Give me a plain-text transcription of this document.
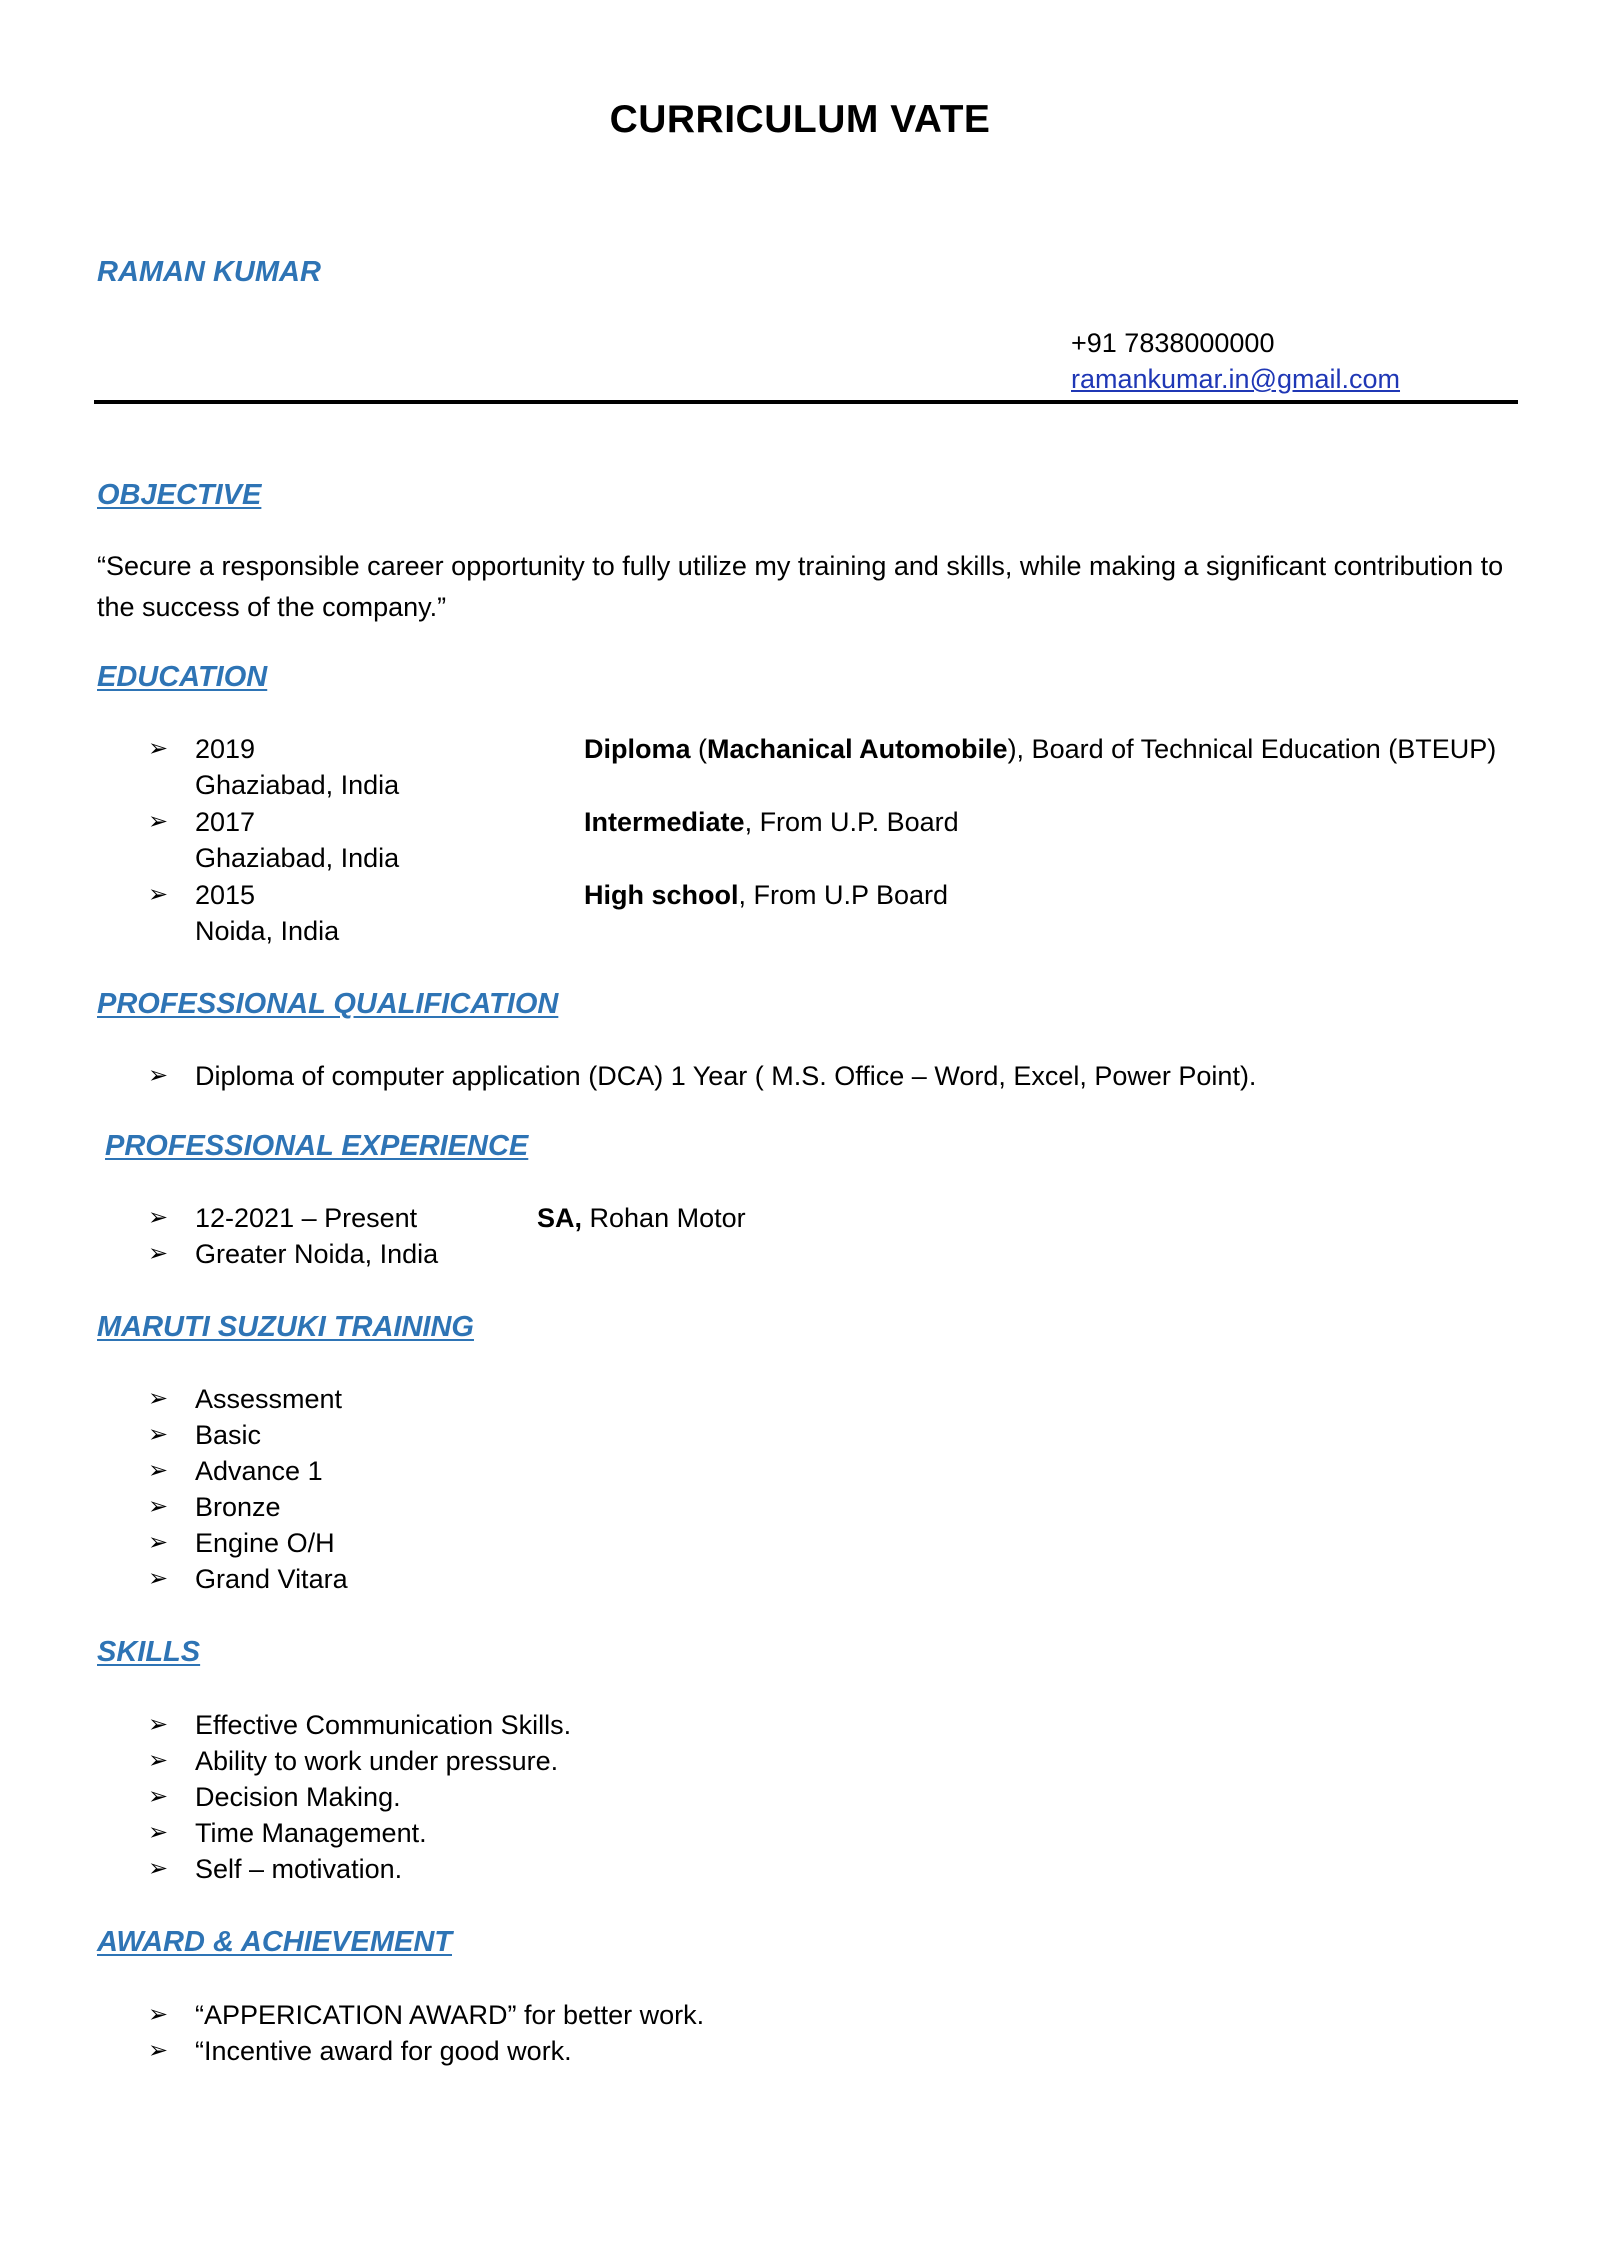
CURRICULUM VATE
RAMAN KUMAR
+91 7838000000
ramankumar.in@gmail.com
OBJECTIVE

“Secure a responsible career opportunity to fully utilize my training and skills, while making a significant contribution to the success of the company.”

EDUCATION
➢ 2019
Ghaziabad, India
Diploma (Machanical Automobile), Board of Technical Education (BTEUP)
➢ 2017
Ghaziabad, India
Intermediate, From U.P. Board
➢ 2015
Noida, India
High school, From U.P Board
PROFESSIONAL QUALIFICATION
➢ Diploma of computer application (DCA) 1 Year ( M.S. Office – Word, Excel, Power Point).
PROFESSIONAL EXPERIENCE
➢ 12-2021 – Present	SA, Rohan Motor
➢ Greater Noida, India
MARUTI SUZUKI TRAINING
➢ Assessment
➢ Basic
➢ Advance 1
➢ Bronze
➢ Engine O/H
➢ Grand Vitara
SKILLS
➢ Effective Communication Skills.
➢ Ability to work under pressure.
➢ Decision Making.
➢ Time Management.
➢ Self – motivation.
AWARD & ACHIEVEMENT
➢ “APPERICATION AWARD” for better work.
➢ “Incentive award for good work.
